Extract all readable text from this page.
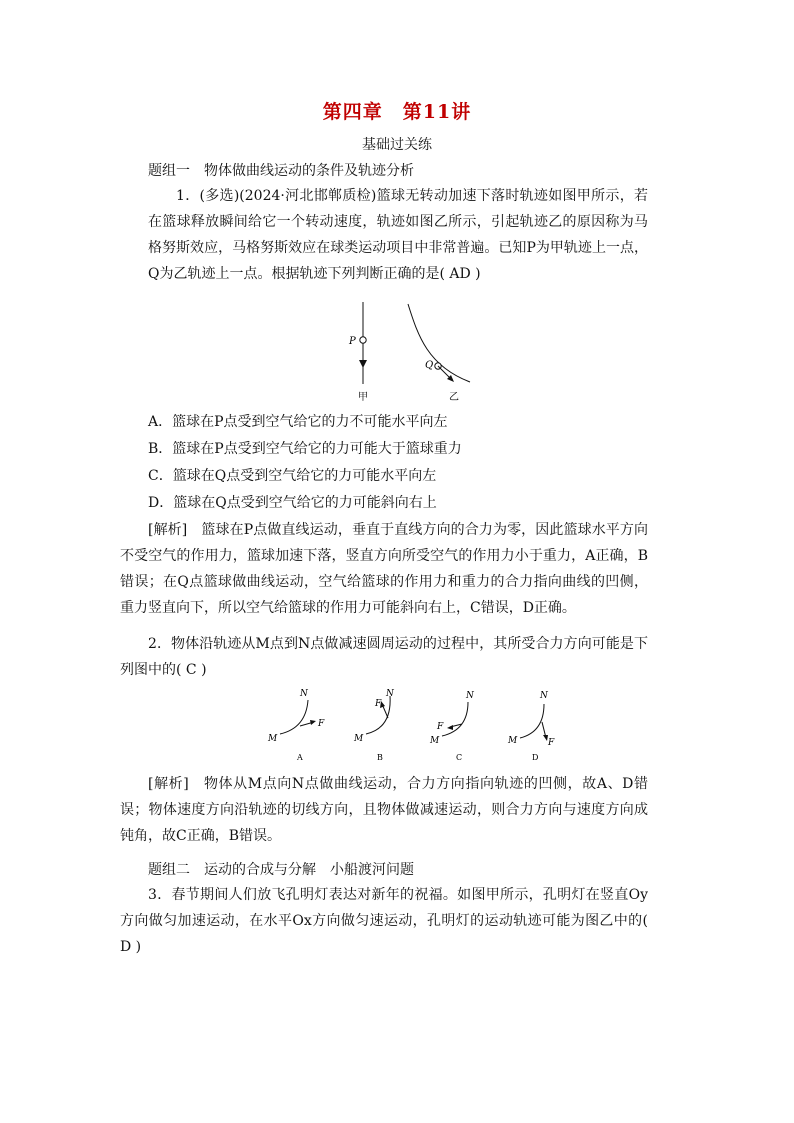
第四章　第11讲
基础过关练
题组一　物体做曲线运动的条件及轨迹分析

1．(多选)(2024·河北邯郸质检)篮球无转动加速下落时轨迹如图甲所示，若在篮球释放瞬间给它一个转动速度，轨迹如图乙所示，引起轨迹乙的原因称为马格努斯效应，马格努斯效应在球类运动项目中非常普遍。已知P为甲轨迹上一点，Q为乙轨迹上一点。根据轨迹下列判断正确的是( AD )

P
甲
Q
乙
A．篮球在P点受到空气给它的力不可能水平向左
B．篮球在P点受到空气给它的力可能大于篮球重力
C．篮球在Q点受到空气给它的力可能水平向左
D．篮球在Q点受到空气给它的力可能斜向右上

[解析]　篮球在P点做直线运动，垂直于直线方向的合力为零，因此篮球水平方向不受空气的作用力，篮球加速下落，竖直方向所受空气的作用力小于重力，A正确，B错误；在Q点篮球做曲线运动，空气给篮球的作用力和重力的合力指向曲线的凹侧，重力竖直向下，所以空气给篮球的作用力可能斜向右上，C错误，D正确。

2．物体沿轨迹从M点到N点做减速圆周运动的过程中，其所受合力方向可能是下列图中的( C )

N
F
M
A
N
F
M
B
N
F
M
C
N
F
M
D

[解析]　物体从M点向N点做曲线运动，合力方向指向轨迹的凹侧，故A、D错误；物体速度方向沿轨迹的切线方向，且物体做减速运动，则合力方向与速度方向成钝角，故C正确，B错误。

题组二　运动的合成与分解　小船渡河问题

3．春节期间人们放飞孔明灯表达对新年的祝福。如图甲所示，孔明灯在竖直Oy方向做匀加速运动，在水平Ox方向做匀速运动，孔明灯的运动轨迹可能为图乙中的( D )
